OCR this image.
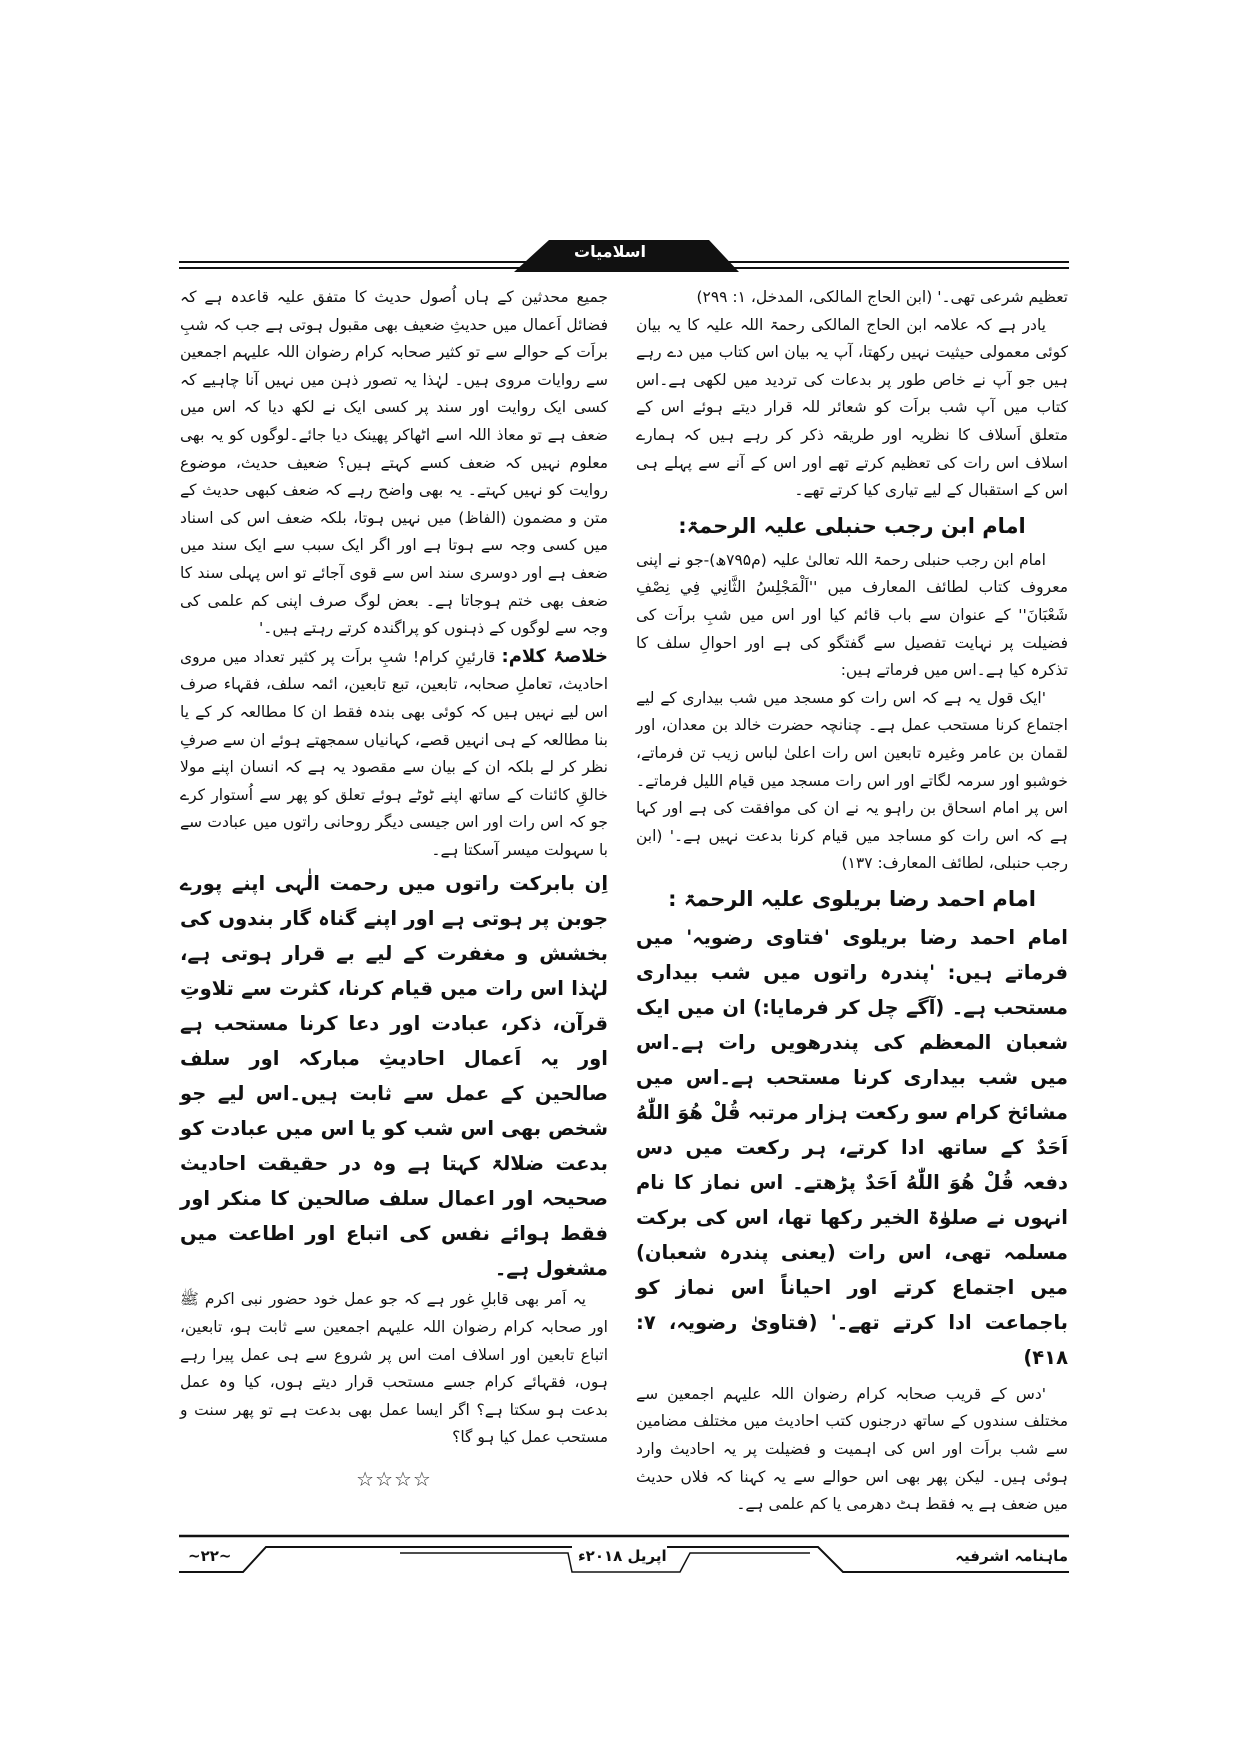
اسلامیات

تعظیم شرعی تھی۔' (ابن الحاج المالکی، المدخل، ۱: ۲۹۹)

یادر ہے کہ علامہ ابن الحاج المالکی رحمۃ اللہ علیہ کا یہ بیان کوئی معمولی حیثیت نہیں رکھتا، آپ یہ بیان اس کتاب میں دے رہے ہیں جو آپ نے خاص طور پر بدعات کی تردید میں لکھی ہے۔اس کتاب میں آپ شب براَت کو شعائر للہ قرار دیتے ہوئے اس کے متعلق اَسلاف کا نظریہ اور طریقہ ذکر کر رہے ہیں کہ ہمارے اسلاف اس رات کی تعظیم کرتے تھے اور اس کے آنے سے پہلے ہی اس کے استقبال کے لیے تیاری کیا کرتے تھے۔

امام ابن رجب حنبلی علیہ الرحمۃ:

امام ابن رجب حنبلی رحمۃ اللہ تعالیٰ علیہ (م۷۹۵ھ)-جو نے اپنی معروف کتاب لطائف المعارف میں ''اَلْمَجْلِسُ الثَّانِي فِي نِصْفِ شَعْبَانَ'' کے عنوان سے باب قائم کیا اور اس میں شبِ براَت کی فضیلت پر نہایت تفصیل سے گفتگو کی ہے اور احوالِ سلف کا تذکرہ کیا ہے۔اس میں فرماتے ہیں:

'ایک قول یہ ہے کہ اس رات کو مسجد میں شب بیداری کے لیے اجتماع کرنا مستحب عمل ہے۔ چنانچہ حضرت خالد بن معدان، اور لقمان بن عامر وغیرہ تابعین اس رات اعلیٰ لباس زیب تن فرماتے، خوشبو اور سرمہ لگاتے اور اس رات مسجد میں قیام اللیل فرماتے۔اس پر امام اسحاق بن راہو یہ نے ان کی موافقت کی ہے اور کہا ہے کہ اس رات کو مساجد میں قیام کرنا بدعت نہیں ہے۔' (ابن رجب حنبلی، لطائف المعارف: ۱۳۷)

امام احمد رضا بریلوی علیہ الرحمۃ :

امام احمد رضا بریلوی 'فتاوی رضویہ' میں فرماتے ہیں: 'پندرہ راتوں میں شب بیداری مستحب ہے۔ (آگے چل کر فرمایا:) ان میں ایک شعبان المعظم کی پندرھویں رات ہے۔اس میں شب بیداری کرنا مستحب ہے۔اس میں مشائخ کرام سو رکعت ہزار مرتبہ قُلْ هُوَ اللّٰهُ اَحَدٌ کے ساتھ ادا کرتے، ہر رکعت میں دس دفعہ قُلْ هُوَ اللّٰهُ اَحَدٌ پڑھتے۔ اس نماز کا نام انہوں نے صلوٰۃ الخیر رکھا تھا، اس کی برکت مسلمہ تھی، اس رات (یعنی پندرہ شعبان) میں اجتماع کرتے اور احیاناً اس نماز کو باجماعت ادا کرتے تھے۔' (فتاویٰ رضویہ، ۷: ۴۱۸)

'دس کے قریب صحابہ کرام رضوان اللہ علیہم اجمعین سے مختلف سندوں کے ساتھ درجنوں کتب احادیث میں مختلف مضامین سے شب براَت اور اس کی اہمیت و فضیلت پر یہ احادیث وارد ہوئی ہیں۔ لیکن پھر بھی اس حوالے سے یہ کہنا کہ فلاں حدیث میں ضعف ہے یہ فقط ہٹ دھرمی یا کم علمی ہے۔

جمیع محدثین کے ہاں اُصول حدیث کا متفق علیہ قاعدہ ہے کہ فضائل اَعمال میں حدیثِ ضعیف بھی مقبول ہوتی ہے جب کہ شبِ براَت کے حوالے سے تو کثیر صحابہ کرام رضوان اللہ علیہم اجمعین سے روایات مروی ہیں۔ لہٰذا یہ تصور ذہن میں نہیں آنا چاہیے کہ کسی ایک روایت اور سند پر کسی ایک نے لکھ دیا کہ اس میں ضعف ہے تو معاذ اللہ اسے اٹھاکر پھینک دیا جائے۔لوگوں کو یہ بھی معلوم نہیں کہ ضعف کسے کہتے ہیں؟ ضعیف حدیث، موضوع روایت کو نہیں کہتے۔ یہ بھی واضح رہے کہ ضعف کبھی حدیث کے متن و مضمون (الفاظ) میں نہیں ہوتا، بلکہ ضعف اس کی اسناد میں کسی وجہ سے ہوتا ہے اور اگر ایک سبب سے ایک سند میں ضعف ہے اور دوسری سند اس سے قوی آجائے تو اس پہلی سند کا ضعف بھی ختم ہوجاتا ہے۔ بعض لوگ صرف اپنی کم علمی کی وجہ سے لوگوں کے ذہنوں کو پراگندہ کرتے رہتے ہیں۔'

خلاصۂ کلام: قارئینِ کرام! شبِ براَت پر کثیر تعداد میں مروی احادیث، تعاملِ صحابہ، تابعین، تبع تابعین، ائمہ سلف، فقہاء صرف اس لیے نہیں ہیں کہ کوئی بھی بندہ فقط ان کا مطالعہ کر کے یا بنا مطالعہ کے ہی انہیں قصے، کہانیاں سمجھتے ہوئے ان سے صرفِ نظر کر لے بلکہ ان کے بیان سے مقصود یہ ہے کہ انسان اپنے مولا خالقِ کائنات کے ساتھ اپنے ٹوٹے ہوئے تعلق کو پھر سے اُستوار کرے جو کہ اس رات اور اس جیسی دیگر روحانی راتوں میں عبادت سے با سہولت میسر آسکتا ہے۔

اِن بابرکت راتوں میں رحمت الٰہی اپنے پورے جوبن پر ہوتی ہے اور اپنے گناہ گار بندوں کی بخشش و مغفرت کے لیے بے قرار ہوتی ہے، لہٰذا اس رات میں قیام کرنا، کثرت سے تلاوتِ قرآن، ذکر، عبادت اور دعا کرنا مستحب ہے اور یہ اَعمال احادیثِ مبارکہ اور سلف صالحین کے عمل سے ثابت ہیں۔اس لیے جو شخص بھی اس شب کو یا اس میں عبادت کو بدعت ضلالۃ کہتا ہے وہ در حقیقت احادیث صحیحہ اور اعمال سلف صالحین کا منکر اور فقط ہوائے نفس کی اتباع اور اطاعت میں مشغول ہے۔

یہ اَمر بھی قابلِ غور ہے کہ جو عمل خود حضور نبی اکرم ﷺ اور صحابہ کرام رضوان اللہ علیہم اجمعین سے ثابت ہو، تابعین، اتباع تابعین اور اسلاف امت اس پر شروع سے ہی عمل پیرا رہے ہوں، فقہائے کرام جسے مستحب قرار دیتے ہوں، کیا وہ عمل بدعت ہو سکتا ہے؟ اگر ایسا عمل بھی بدعت ہے تو پھر سنت و مستحب عمل کیا ہو گا؟

☆☆☆☆
ماہنامہ اشرفیہ
اپریل ۲۰۱۸ء
~۲۲~
